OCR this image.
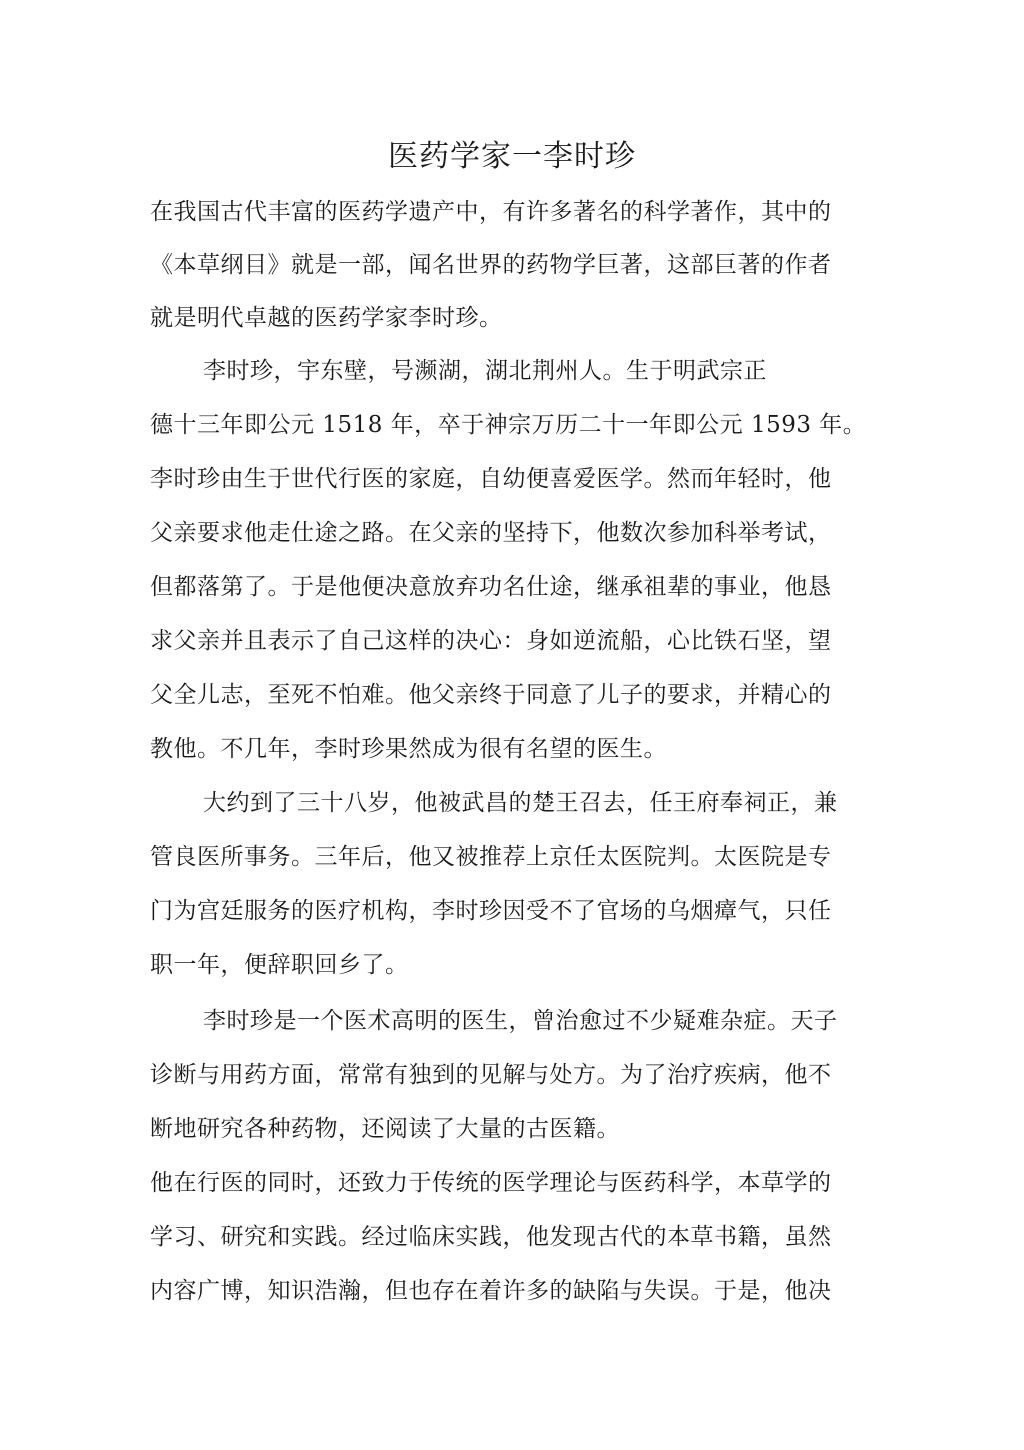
医药学家一李时珍
在我国古代丰富的医药学遗产中，有许多著名的科学著作，其中的
《本草纲目》就是一部，闻名世界的药物学巨著，这部巨著的作者
就是明代卓越的医药学家李时珍。
李时珍，宇东壁，号濒湖，湖北荆州人。生于明武宗正
德十三年即公元 1518 年，卒于神宗万历二十一年即公元 1593 年。
李时珍由生于世代行医的家庭，自幼便喜爱医学。然而年轻时，他
父亲要求他走仕途之路。在父亲的坚持下，他数次参加科举考试，
但都落第了。于是他便决意放弃功名仕途，继承祖辈的事业，他恳
求父亲并且表示了自己这样的决心：身如逆流船，心比铁石坚，望
父全儿志，至死不怕难。他父亲终于同意了儿子的要求，并精心的
教他。不几年，李时珍果然成为很有名望的医生。
大约到了三十八岁，他被武昌的楚王召去，任王府奉祠正，兼
管良医所事务。三年后，他又被推荐上京任太医院判。太医院是专
门为宫廷服务的医疗机构，李时珍因受不了官场的乌烟瘴气，只任
职一年，便辞职回乡了。
李时珍是一个医术高明的医生，曾治愈过不少疑难杂症。天子
诊断与用药方面，常常有独到的见解与处方。为了治疗疾病，他不
断地研究各种药物，还阅读了大量的古医籍。
他在行医的同时，还致力于传统的医学理论与医药科学，本草学的
学习、研究和实践。经过临床实践，他发现古代的本草书籍，虽然
内容广博，知识浩瀚，但也存在着许多的缺陷与失误。于是，他决
